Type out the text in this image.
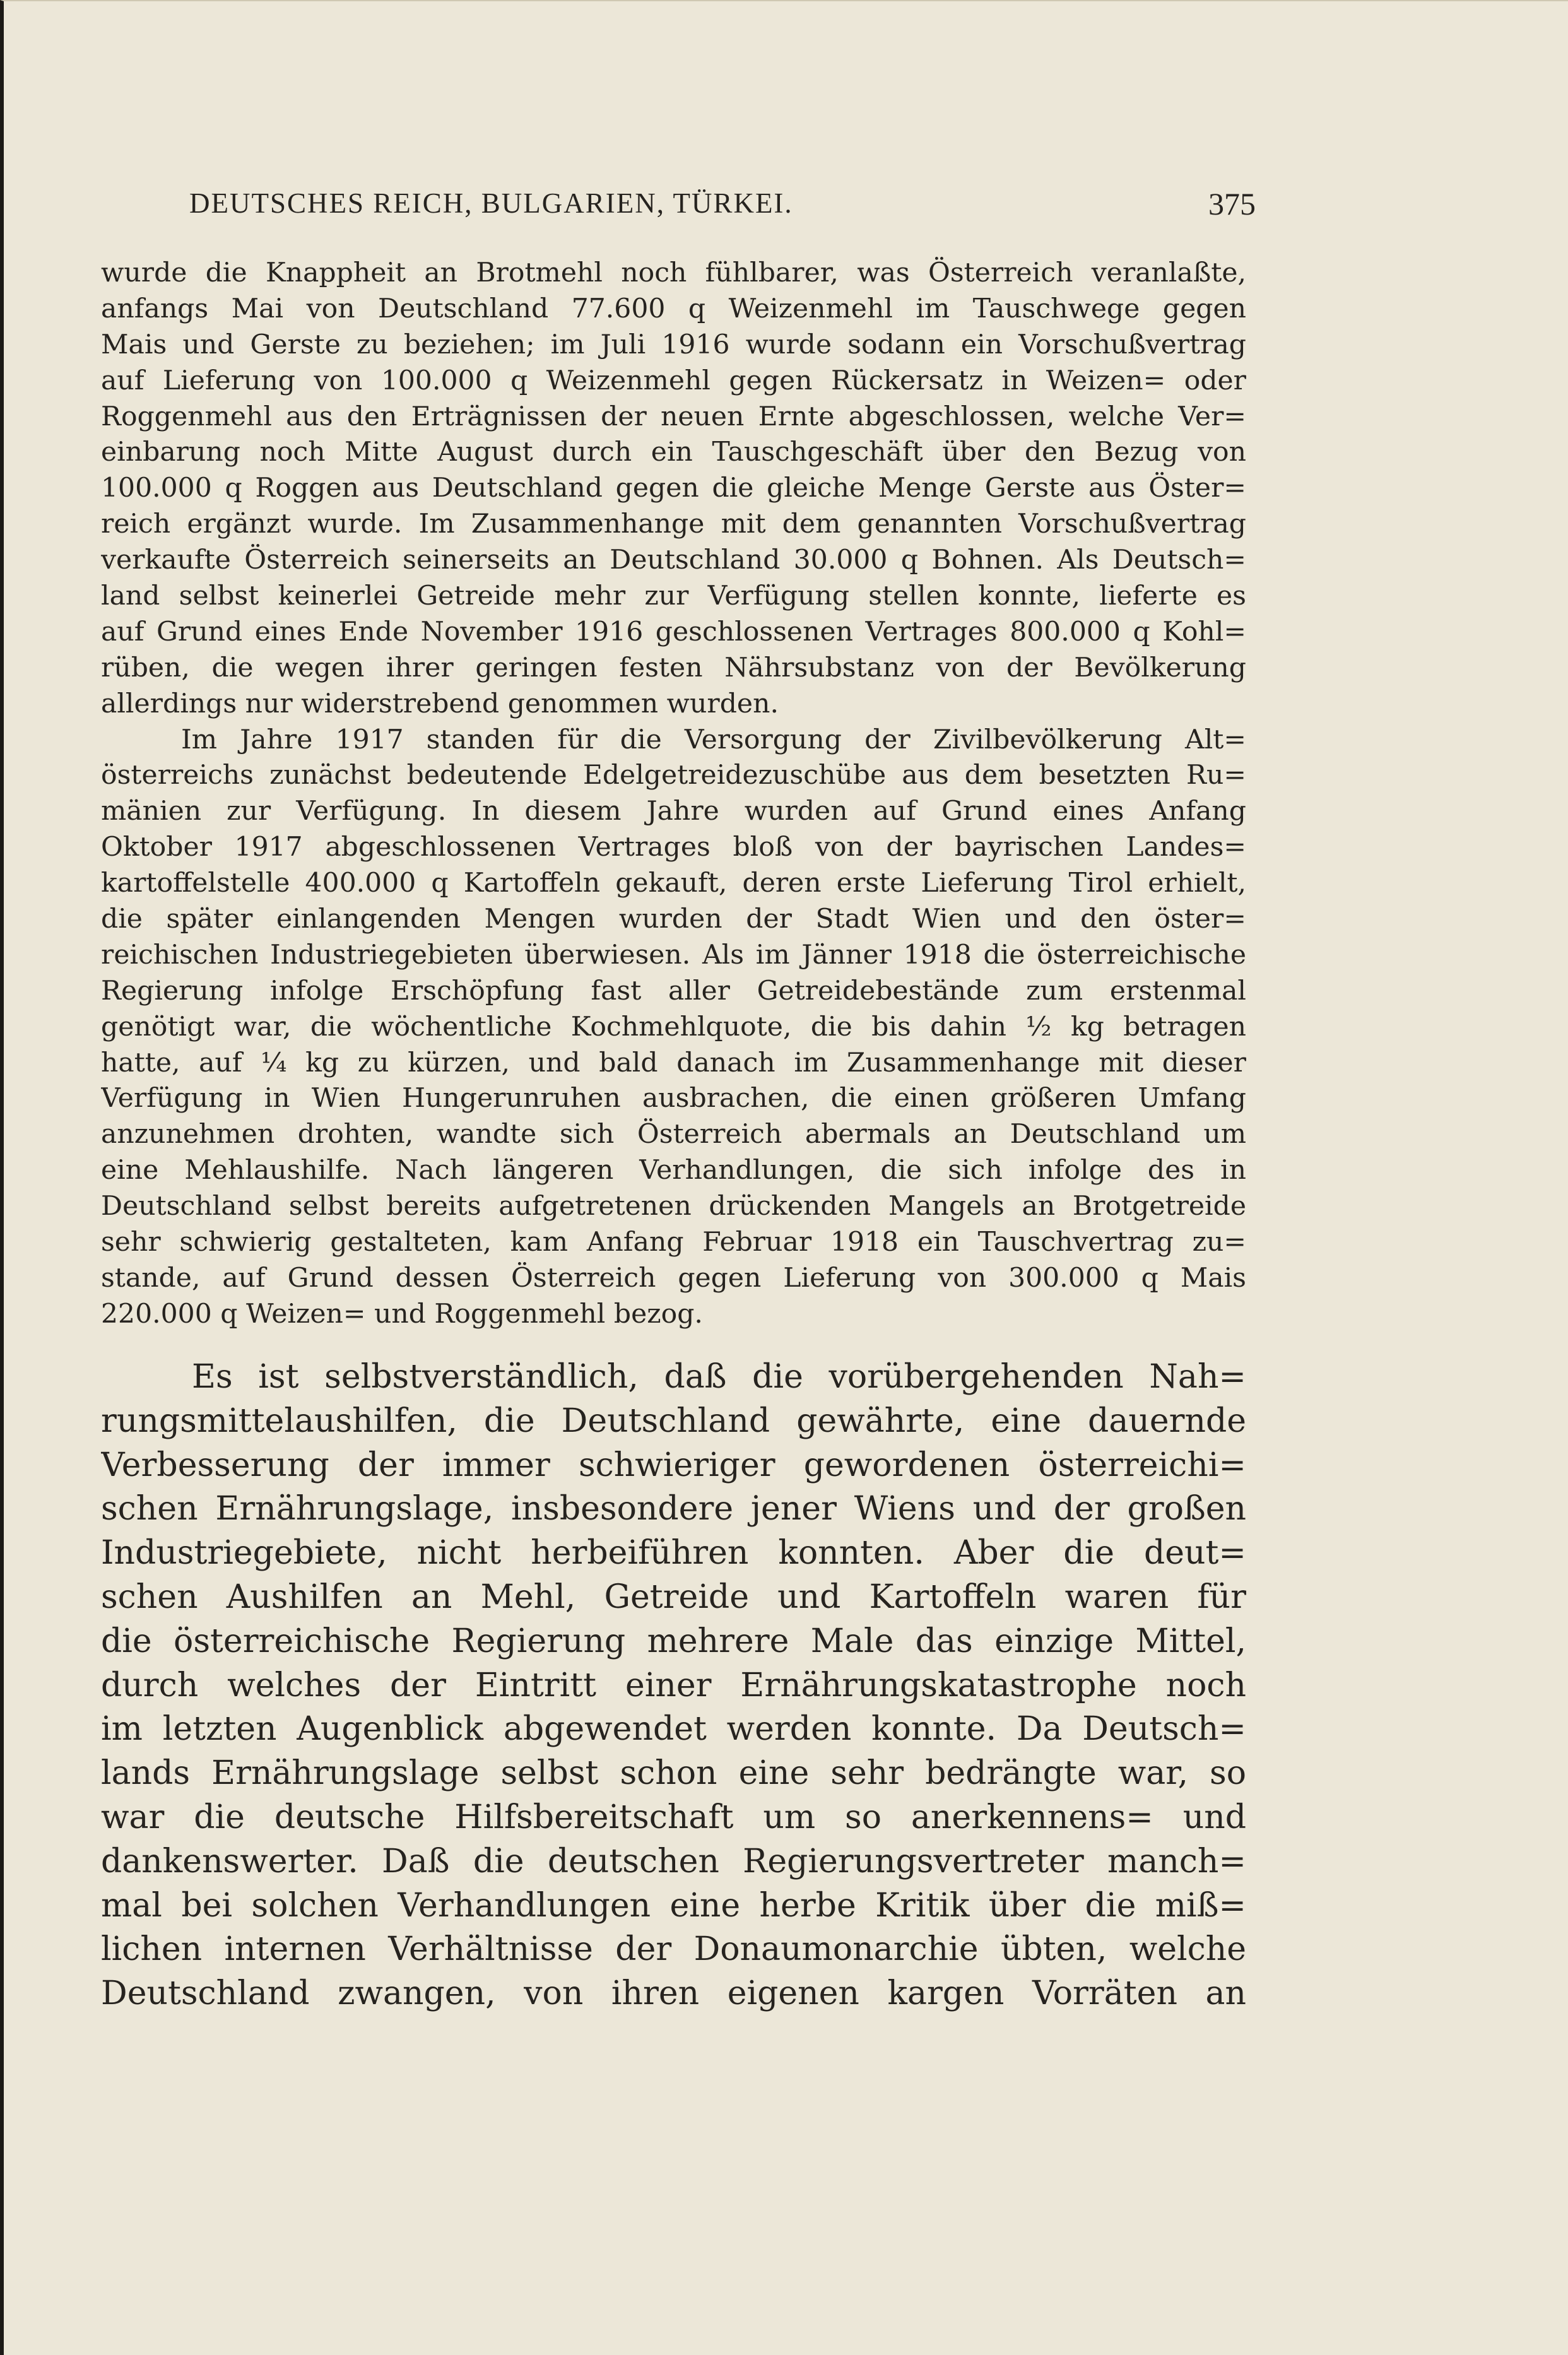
DEUTSCHES REICH, BULGARIEN, TÜRKEI.	375
wurde die Knappheit an Brotmehl noch fühlbarer, was Österreich veranlaßte,
anfangs Mai von Deutschland 77.600 q Weizenmehl im Tauschwege gegen
Mais und Gerste zu beziehen; im Juli 1916 wurde sodann ein Vorschußvertrag
auf Lieferung von 100.000 q Weizenmehl gegen Rückersatz in Weizen= oder
Roggenmehl aus den Erträgnissen der neuen Ernte abgeschlossen, welche Ver=
einbarung noch Mitte August durch ein Tauschgeschäft über den Bezug von
100.000 q Roggen aus Deutschland gegen die gleiche Menge Gerste aus Öster=
reich ergänzt wurde. Im Zusammenhange mit dem genannten Vorschußvertrag
verkaufte Österreich seinerseits an Deutschland 30.000 q Bohnen. Als Deutsch=
land selbst keinerlei Getreide mehr zur Verfügung stellen konnte, lieferte es
auf Grund eines Ende November 1916 geschlossenen Vertrages 800.000 q Kohl=
rüben, die wegen ihrer geringen festen Nährsubstanz von der Bevölkerung
allerdings nur widerstrebend genommen wurden.
Im Jahre 1917 standen für die Versorgung der Zivilbevölkerung Alt=
österreichs zunächst bedeutende Edelgetreidezuschübe aus dem besetzten Ru=
mänien zur Verfügung. In diesem Jahre wurden auf Grund eines Anfang
Oktober 1917 abgeschlossenen Vertrages bloß von der bayrischen Landes=
kartoffelstelle 400.000 q Kartoffeln gekauft, deren erste Lieferung Tirol erhielt,
die später einlangenden Mengen wurden der Stadt Wien und den öster=
reichischen Industriegebieten überwiesen. Als im Jänner 1918 die österreichische
Regierung infolge Erschöpfung fast aller Getreidebestände zum erstenmal
genötigt war, die wöchentliche Kochmehlquote, die bis dahin ½ kg betragen
hatte, auf ¼ kg zu kürzen, und bald danach im Zusammenhange mit dieser
Verfügung in Wien Hungerunruhen ausbrachen, die einen größeren Umfang
anzunehmen drohten, wandte sich Österreich abermals an Deutschland um
eine Mehlaushilfe. Nach längeren Verhandlungen, die sich infolge des in
Deutschland selbst bereits aufgetretenen drückenden Mangels an Brotgetreide
sehr schwierig gestalteten, kam Anfang Februar 1918 ein Tauschvertrag zu=
stande, auf Grund dessen Österreich gegen Lieferung von 300.000 q Mais
220.000 q Weizen= und Roggenmehl bezog.
Es ist selbstverständlich, daß die vorübergehenden Nah=
rungsmittelaushilfen, die Deutschland gewährte, eine dauernde
Verbesserung der immer schwieriger gewordenen österreichi=
schen Ernährungslage, insbesondere jener Wiens und der großen
Industriegebiete, nicht herbeiführen konnten. Aber die deut=
schen Aushilfen an Mehl, Getreide und Kartoffeln waren für
die österreichische Regierung mehrere Male das einzige Mittel,
durch welches der Eintritt einer Ernährungskatastrophe noch
im letzten Augenblick abgewendet werden konnte. Da Deutsch=
lands Ernährungslage selbst schon eine sehr bedrängte war, so
war die deutsche Hilfsbereitschaft um so anerkennens= und
dankenswerter. Daß die deutschen Regierungsvertreter manch=
mal bei solchen Verhandlungen eine herbe Kritik über die miß=
lichen internen Verhältnisse der Donaumonarchie übten, welche
Deutschland zwangen, von ihren eigenen kargen Vorräten an
